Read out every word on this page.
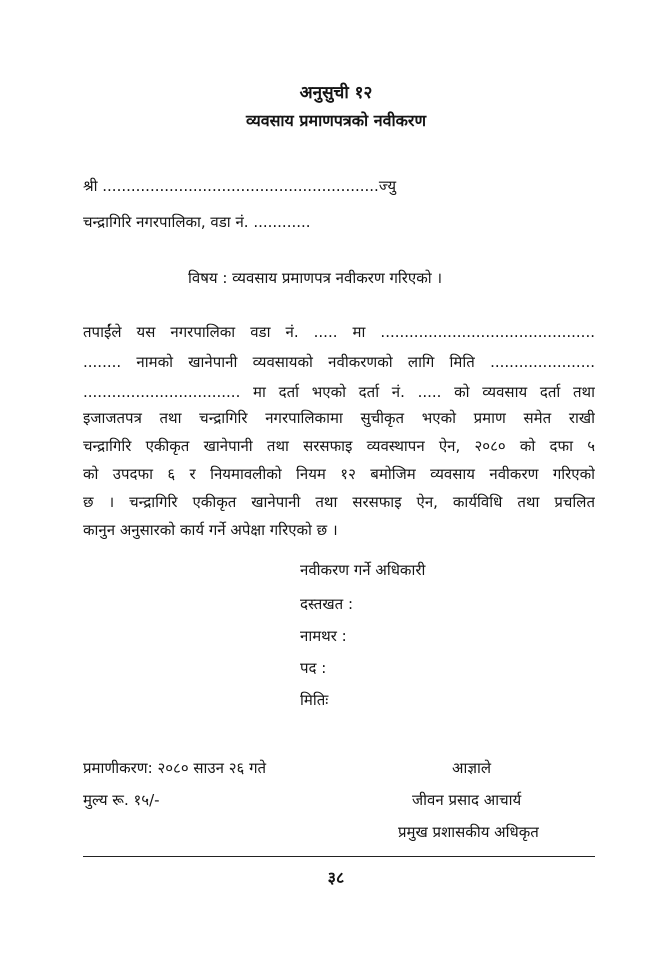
अनुसुची १२
व्यवसाय प्रमाणपत्रको नवीकरण
श्री ..........................................................ज्यु
चन्द्रागिरि नगरपालिका, वडा नं. ............
विषय : व्यवसाय प्रमाणपत्र नवीकरण गरिएको ।
तपाईंले यस नगरपालिका वडा नं. ..... मा .............................................
........ नामको खानेपानी व्यवसायको नवीकरणको लागि मिति ......................
................................. मा दर्ता भएको दर्ता नं. ..... को व्यवसाय दर्ता तथा
इजाजतपत्र तथा चन्द्रागिरि नगरपालिकामा सुचीकृत भएको प्रमाण समेत राखी
चन्द्रागिरि एकीकृत खानेपानी तथा सरसफाइ व्यवस्थापन ऐन, २०८० को दफा ५
को उपदफा ६ र नियमावलीको नियम १२ बमोजिम व्यवसाय नवीकरण गरिएको
छ । चन्द्रागिरि एकीकृत खानेपानी तथा सरसफाइ ऐन, कार्यविधि तथा प्रचलित
कानुन अनुसारको कार्य गर्ने अपेक्षा गरिएको छ ।
नवीकरण गर्ने अधिकारी
दस्तखत :
नामथर :
पद :
मितिः
प्रमाणीकरण: २०८० साउन २६ गते
मुल्य रू. १५/-
आज्ञाले
जीवन प्रसाद आचार्य
प्रमुख प्रशासकीय अधिकृत
३८
